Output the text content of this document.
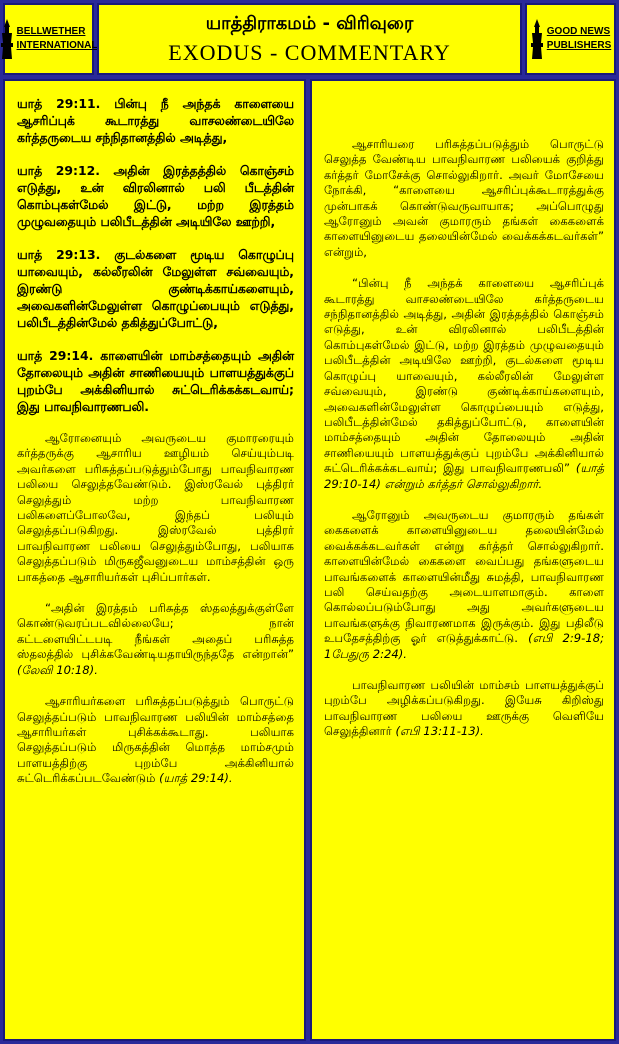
BELLWETHER
INTERNATIONAL
யாத்திராகமம் - விரிவுரை
EXODUS - COMMENTARY
GOOD NEWS
PUBLISHERS

யாத் 29:11. பின்பு நீ அந்தக் காளையை ஆசரிப்புக் கூடாரத்து வாசலண்டையிலே கர்த்தருடைய சந்நிதானத்தில் அடித்து,

யாத் 29:12. அதின் இரத்தத்தில் கொஞ்சம் எடுத்து, உன் விரலினால் பலி பீடத்தின் கொம்புகள்மேல் இட்டு, மற்ற இரத்தம் முழுவதையும் பலிபீடத்தின் அடியிலே ஊற்றி,

யாத் 29:13. குடல்களை மூடிய கொழுப்பு யாவையும், கல்லீரலின் மேலுள்ள சவ்வையும், இரண்டு குண்டிக்காய்களையும், அவைகளின்மேலுள்ள கொழுப்பையும் எடுத்து, பலிபீடத்தின்மேல் தகித்துப்போட்டு,

யாத் 29:14. காளையின் மாம்சத்தையும் அதின் தோலையும் அதின் சாணியையும் பாளயத்துக்குப் புறம்பே அக்கினியால் சுட்டெரிக்கக்கடவாய்; இது பாவநிவாரணபலி.

ஆரோனையும் அவருடைய குமாரரையும் கர்த்தருக்கு ஆசாரிய ஊழியம் செய்யும்படி அவர்களை பரிசுத்தப்படுத்தும்போது பாவநிவாரண பலியை செலுத்தவேண்டும். இஸ்ரவேல் புத்திரர் செலுத்தும் மற்ற பாவநிவாரண பலிகளைப்போலவே, இந்தப் பலியும் செலுத்தப்படுகிறது. இஸ்ரவேல் புத்திரர் பாவநிவாரண பலியை செலுத்தும்போது, பலியாக செலுத்தப்படும் மிருகஜீவனுடைய மாம்சத்தின் ஒரு பாகத்தை ஆசாரியர்கள் புசிப்பார்கள்.

“அதின் இரத்தம் பரிசுத்த ஸ்தலத்துக்குள்ளே கொண்டுவரப்படவில்லையே; நான் கட்டளையிட்டபடி நீங்கள் அதைப் பரிசுத்த ஸ்தலத்தில் புசிக்கவேண்டியதாயிருந்ததே என்றான்” (லேவி 10:18).

ஆசாரியர்களை பரிசுத்தப்படுத்தும் பொருட்டு செலுத்தப்படும் பாவநிவாரண பலியின் மாம்சத்தை ஆசாரியர்கள் புசிக்கக்கூடாது. பலியாக செலுத்தப்படும் மிருகத்தின் மொத்த மாம்சமும் பாளயத்திற்கு புறம்பே அக்கினியால் சுட்டெரிக்கப்படவேண்டும் (யாத் 29:14).

ஆசாரியரை பரிசுத்தப்படுத்தும் பொருட்டு செலுத்த வேண்டிய பாவநிவாரண பலியைக் குறித்து கர்த்தர் மோசேக்கு சொல்லுகிறார். அவர் மோசேயை நோக்கி, “காளையை ஆசரிப்புக்கூடாரத்துக்கு முன்பாகக் கொண்டுவருவாயாக; அப்பொழுது ஆரோனும் அவன் குமாரரும் தங்கள் கைகளைக் காளையினுடைய தலையின்மேல் வைக்கக்கடவர்கள்” என்றும்,

“பின்பு நீ அந்தக் காளையை ஆசரிப்புக் கூடாரத்து வாசலண்டையிலே கர்த்தருடைய சந்நிதானத்தில் அடித்து, அதின் இரத்தத்தில் கொஞ்சம் எடுத்து, உன் விரலினால் பலிபீடத்தின் கொம்புகள்மேல் இட்டு, மற்ற இரத்தம் முழுவதையும் பலிபீடத்தின் அடியிலே ஊற்றி, குடல்களை மூடிய கொழுப்பு யாவையும், கல்லீரலின் மேலுள்ள சவ்வையும், இரண்டு குண்டிக்காய்களையும், அவைகளின்மேலுள்ள கொழுப்பையும் எடுத்து, பலிபீடத்தின்மேல் தகித்துப்போட்டு, காளையின் மாம்சத்தையும் அதின் தோலையும் அதின் சாணியையும் பாளயத்துக்குப் புறம்பே அக்கினியால் சுட்டெரிக்கக்கடவாய்; இது பாவநிவாரணபலி” (யாத் 29:10-14) என்றும் கர்த்தர் சொல்லுகிறார்.

ஆரோனும் அவருடைய குமாரரும் தங்கள் கைகளைக் காளையினுடைய தலையின்மேல் வைக்கக்கடவர்கள் என்று கர்த்தர் சொல்லுகிறார். காளையின்மேல் கைகளை வைப்பது தங்களுடைய பாவங்களைக் காளையின்மீது சுமத்தி, பாவநிவாரண பலி செய்வதற்கு அடையாளமாகும். காளை கொல்லப்படும்போது அது அவர்களுடைய பாவங்களுக்கு நிவாரணமாக இருக்கும். இது பதிலீடு உபதேசத்திற்கு ஓர் எடுத்துக்காட்டு. (எபி 2:9-18; 1பேதுரு 2:24).

பாவநிவாரண பலியின் மாம்சம் பாளயத்துக்குப் புறம்பே அழிக்கப்படுகிறது. இயேசு கிறிஸ்து பாவநிவாரண பலியை ஊருக்கு வெளியே செலுத்தினார் (எபி 13:11-13).
